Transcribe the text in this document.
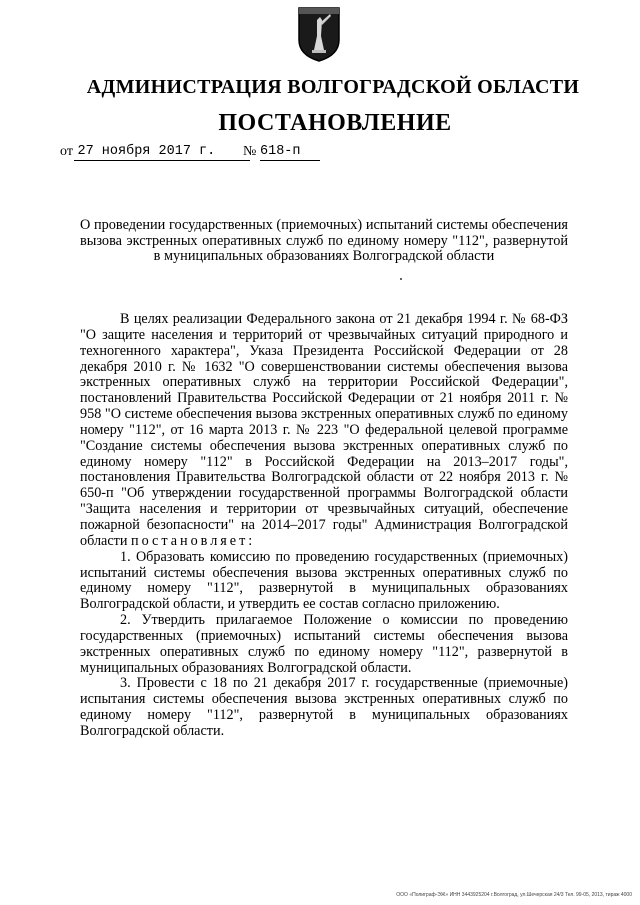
АДМИНИСТРАЦИЯ ВОЛГОГРАДСКОЙ ОБЛАСТИ
ПОСТАНОВЛЕНИЕ
от 27 ноября 2017 г.	№ 618-п
О проведении государственных (приемочных) испытаний системы обеспечения вызова экстренных оперативных служб по единому номеру "112", развернутой в муниципальных образованиях Волгоградской области

В целях реализации Федерального закона от 21 декабря 1994 г. № 68-ФЗ "О защите населения и территорий от чрезвычайных ситуаций природного и техногенного характера", Указа Президента Российской Федерации от 28 декабря 2010 г. № 1632 "О совершенствовании системы обеспечения вызова экстренных оперативных служб на территории Российской Федерации", постановлений Правительства Российской Федерации от 21 ноября 2011 г. № 958 "О системе обеспечения вызова экстренных оперативных служб по единому номеру "112", от 16 марта 2013 г. № 223 "О федеральной целевой программе "Создание системы обеспечения вызова экстренных оперативных служб по единому номеру "112" в Российской Федерации на 2013–2017 годы", постановления Правительства Волгоградской области от 22 ноября 2013 г. № 650-п "Об утверждении государственной программы Волгоградской области "Защита населения и территории от чрезвычайных ситуаций, обеспечение пожарной безопасности" на 2014–2017 годы" Администрация Волгоградской области постановляет:

1. Образовать комиссию по проведению государственных (приемочных) испытаний системы обеспечения вызова экстренных оперативных служб по единому номеру "112", развернутой в муниципальных образованиях Волгоградской области, и утвердить ее состав согласно приложению.

2. Утвердить прилагаемое Положение о комиссии по проведению государственных (приемочных) испытаний системы обеспечения вызова экстренных оперативных служб по единому номеру "112", развернутой в муниципальных образованиях Волгоградской области.

3. Провести с 18 по 21 декабря 2017 г. государственные (приемочные) испытания системы обеспечения вызова экстренных оперативных служб по единому номеру "112", развернутой в муниципальных образованиях Волгоградской области.

ООО «Полиграф-ЭЖ» ИНН 3443925204 г.Волгоград, ул.Шечерская 24/3 Тел. 99-05, 2013, тираж 4000
